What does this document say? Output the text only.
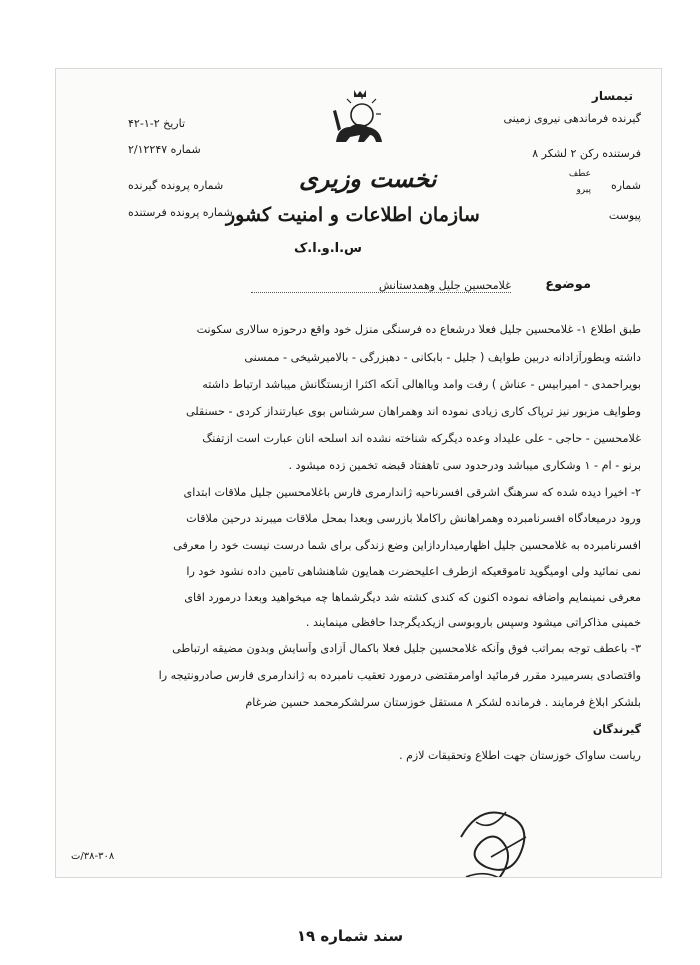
نخست وزیری
سازمان اطلاعات و امنیت کشور
س.ا.و.ا.ک
تیمسار
گیرنده فرماندهی نیروی زمینی
فرستنده رکن ۲ لشکر ۸
شماره
عطف
پیرو
پیوست
تاریخ ۲-۱-۴۲
شماره ۲/۱۲۲۴۷
شماره پرونده گیرنده
شماره پرونده فرستنده
موضوع
غلامحسین جلیل وهمدستانش
طبق اطلاع ۱- غلامحسین جلیل فعلا درشعاع ده فرسنگی منزل خود واقع درحوزه سالاری سکونت
داشته وبطورآزادانه دربین طوایف ( جلیل - بابکانی - دهبزرگی - بالامیرشیخی - ممسنی
بویراحمدی - امیرابیس - عناش ) رفت وامد وبااهالی آنکه اکثرا ازبستگانش میباشد ارتباط داشته
وطوایف مزبور نیز ترپاک کاری زیادی نموده اند وهمراهان سرشناس بوی عبارتنداز کردی - حسنقلی
غلامحسین - حاجی - علی علیداد وعده دیگرکه شناخته نشده اند اسلحه انان عبارت است ازتفنگ
برنو - ام - ۱ وشکاری میباشد ودرحدود سی تاهفتاد قبضه تخمین زده میشود .
۲- اخیرا دیده شده که سرهنگ اشرقی افسرناحیه ژاندارمری فارس باغلامحسین جلیل ملاقات ابتدای
ورود درمیعادگاه افسرنامبرده وهمراهانش راکاملا بازرسی وبعدا بمحل ملاقات میبرند درحین ملاقات
افسرنامبرده به غلامحسین جلیل اظهارمیداردازاین وضع زندگی برای شما درست نیست خود را معرفی
نمی نمائید ولی اومیگوید تاموقعیکه ازطرف اعلیحضرت همایون شاهنشاهی تامین داده نشود خود را
معرفی نمینمایم واضافه نموده اکنون که کندی کشته شد دیگرشماها چه میخواهید وبعدا درمورد اقای
خمینی مذاکراتی میشود وسپس باروبوسی ازیکدیگرجدا حافظی مینمایند .
۳- باعطف توجه بمراتب فوق وآنکه غلامحسین جلیل فعلا باکمال آزادی وآسایش وبدون مضیقه ارتباطی
واقتصادی بسرمیبرد مقرر فرمائید اوامرمقتضی درمورد تعقیب نامبرده به ژاندارمری فارس صادرونتیجه را
بلشکر ابلاغ فرمایند . فرمانده لشکر ۸ مستقل خوزستان سرلشکرمحمد حسین ضرغام
گیرندگان
ریاست ساواک خوزستان جهت اطلاع وتحقیقات لازم .
۳۸-۳۰۸/ت
سند شماره ۱۹
